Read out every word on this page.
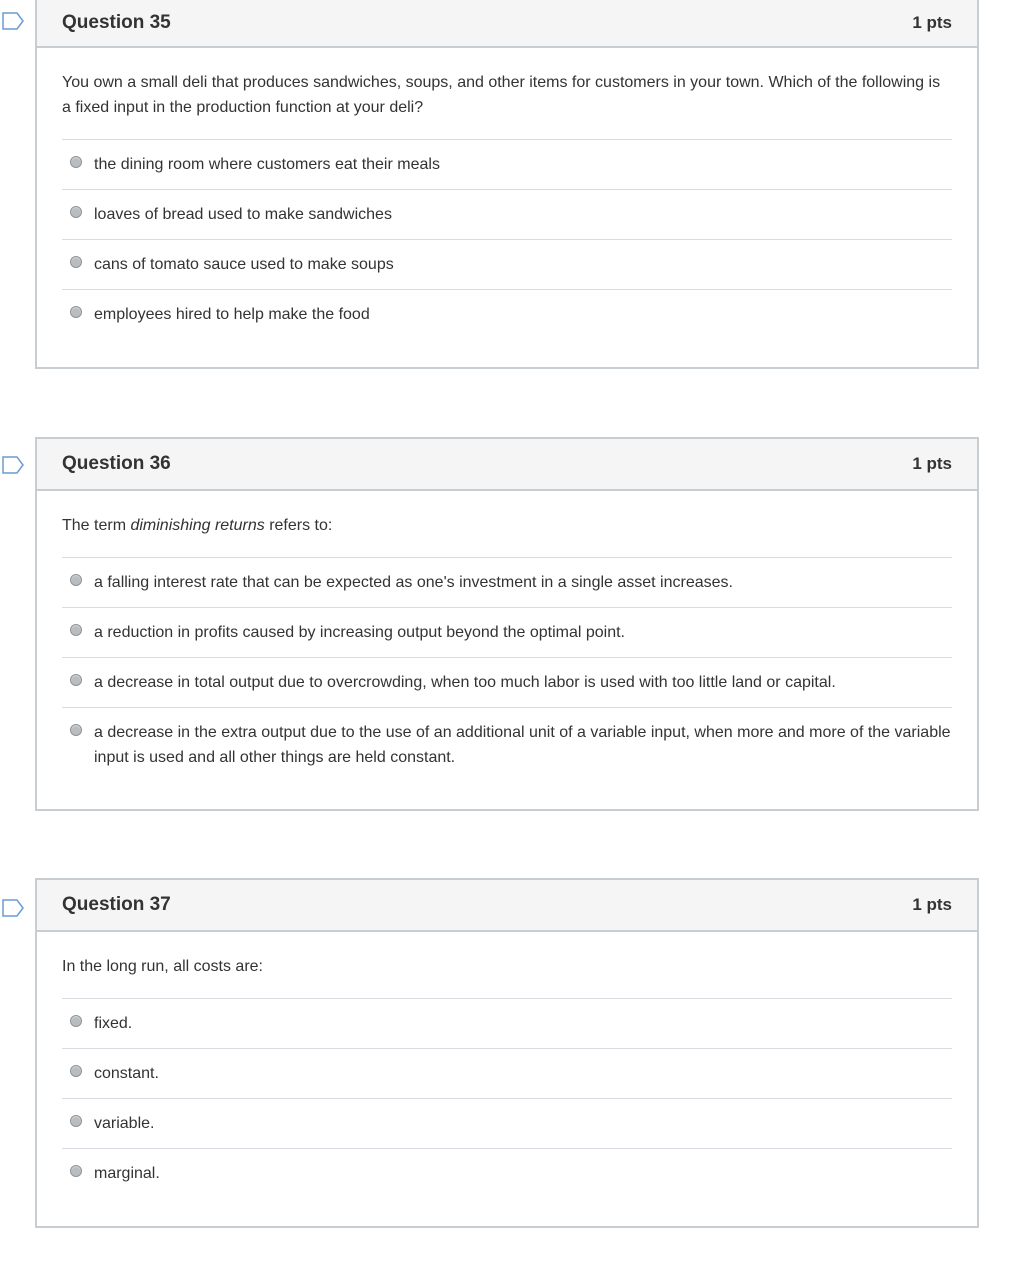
Question 35	1 pts

You own a small deli that produces sandwiches, soups, and other items for customers in your town. Which of the following is a fixed input in the production function at your deli?

the dining room where customers eat their meals
loaves of bread used to make sandwiches
cans of tomato sauce used to make soups
employees hired to help make the food
Question 36	1 pts

The term diminishing returns refers to:

a falling interest rate that can be expected as one's investment in a single asset increases.
a reduction in profits caused by increasing output beyond the optimal point.
a decrease in total output due to overcrowding, when too much labor is used with too little land or capital.
a decrease in the extra output due to the use of an additional unit of a variable input, when more and more of the variable input is used and all other things are held constant.
Question 37	1 pts

In the long run, all costs are:

fixed.
constant.
variable.
marginal.
